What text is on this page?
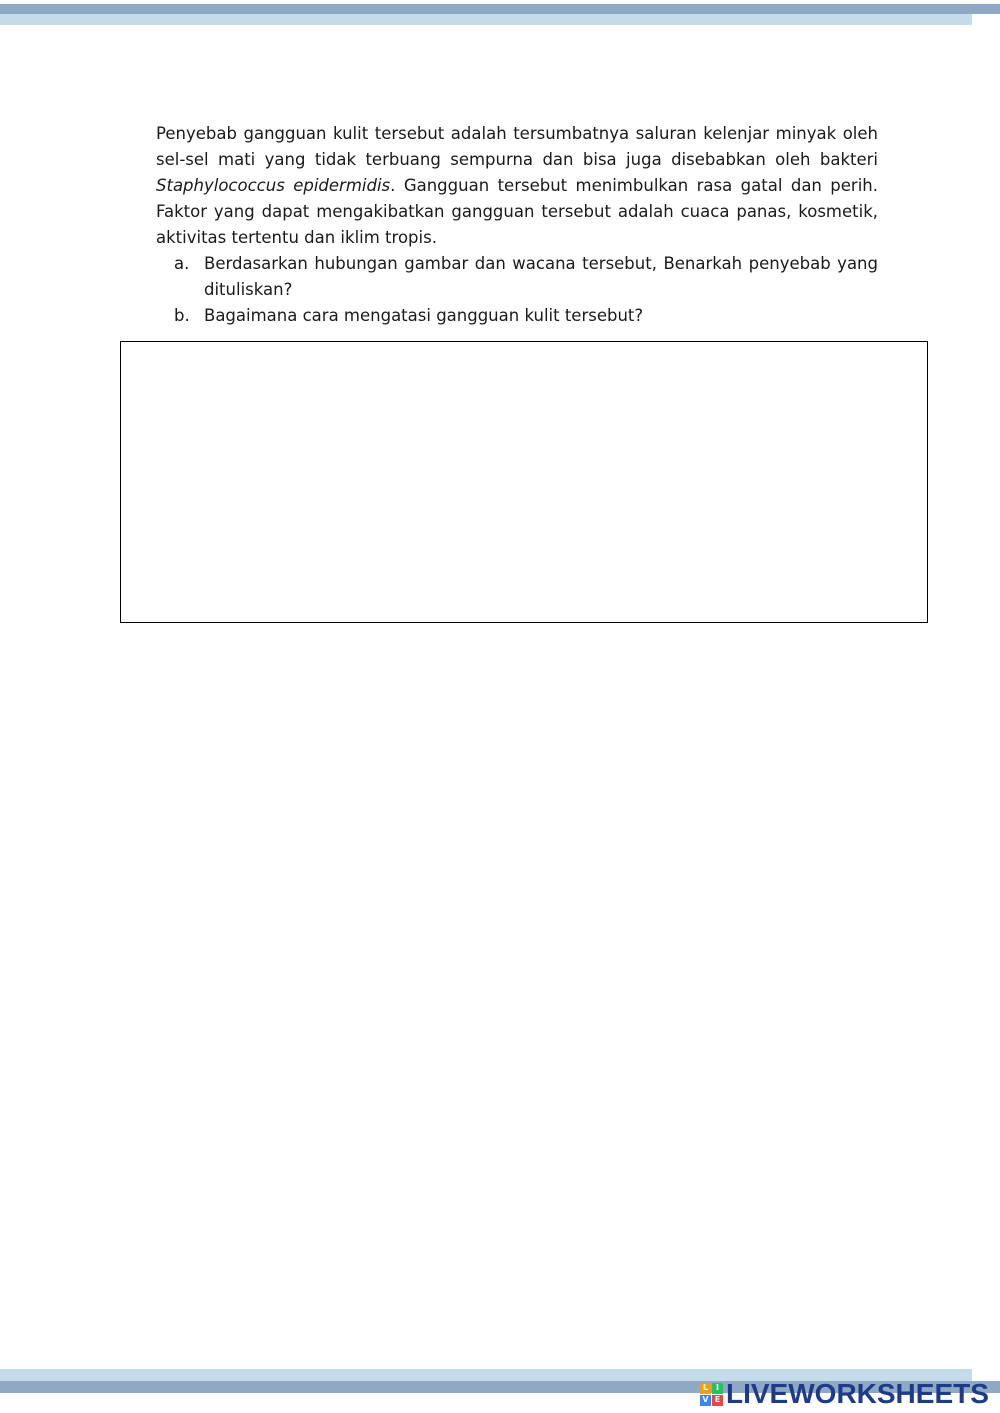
Penyebab gangguan kulit tersebut adalah tersumbatnya saluran kelenjar minyak oleh sel-sel mati yang tidak terbuang sempurna dan bisa juga disebabkan oleh bakteri Staphylococcus epidermidis. Gangguan tersebut menimbulkan rasa gatal dan perih. Faktor yang dapat mengakibatkan gangguan tersebut adalah cuaca panas, kosmetik, aktivitas tertentu dan iklim tropis.

a. Berdasarkan hubungan gambar dan wacana tersebut, Benarkah penyebab yang dituliskan?
b. Bagaimana cara mengatasi gangguan kulit tersebut?
L I
V E LIVEWORKSHEETS
